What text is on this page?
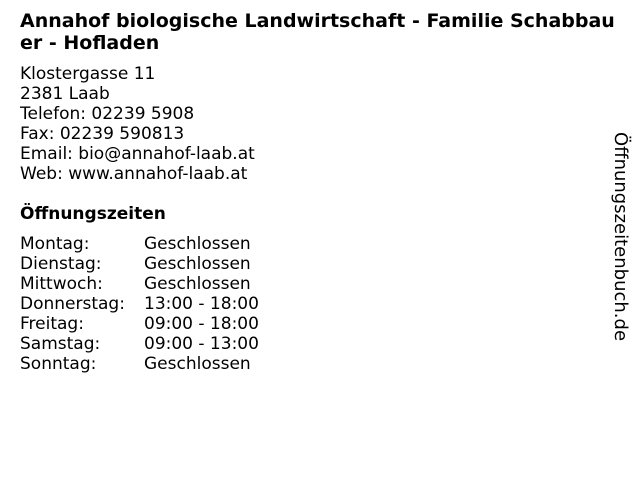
Annahof biologische Landwirtschaft - Familie Schabbauer - Hofladen
Klostergasse 11
2381 Laab
Telefon: 02239 5908
Fax: 02239 590813
Email: bio@annahof-laab.at
Web: www.annahof-laab.at
Öffnungszeiten
Montag:	Geschlossen
Dienstag:	Geschlossen
Mittwoch:	Geschlossen
Donnerstag:	13:00 - 18:00
Freitag:	09:00 - 18:00
Samstag:	09:00 - 13:00
Sonntag:	Geschlossen
Öffnungszeitenbuch.de
